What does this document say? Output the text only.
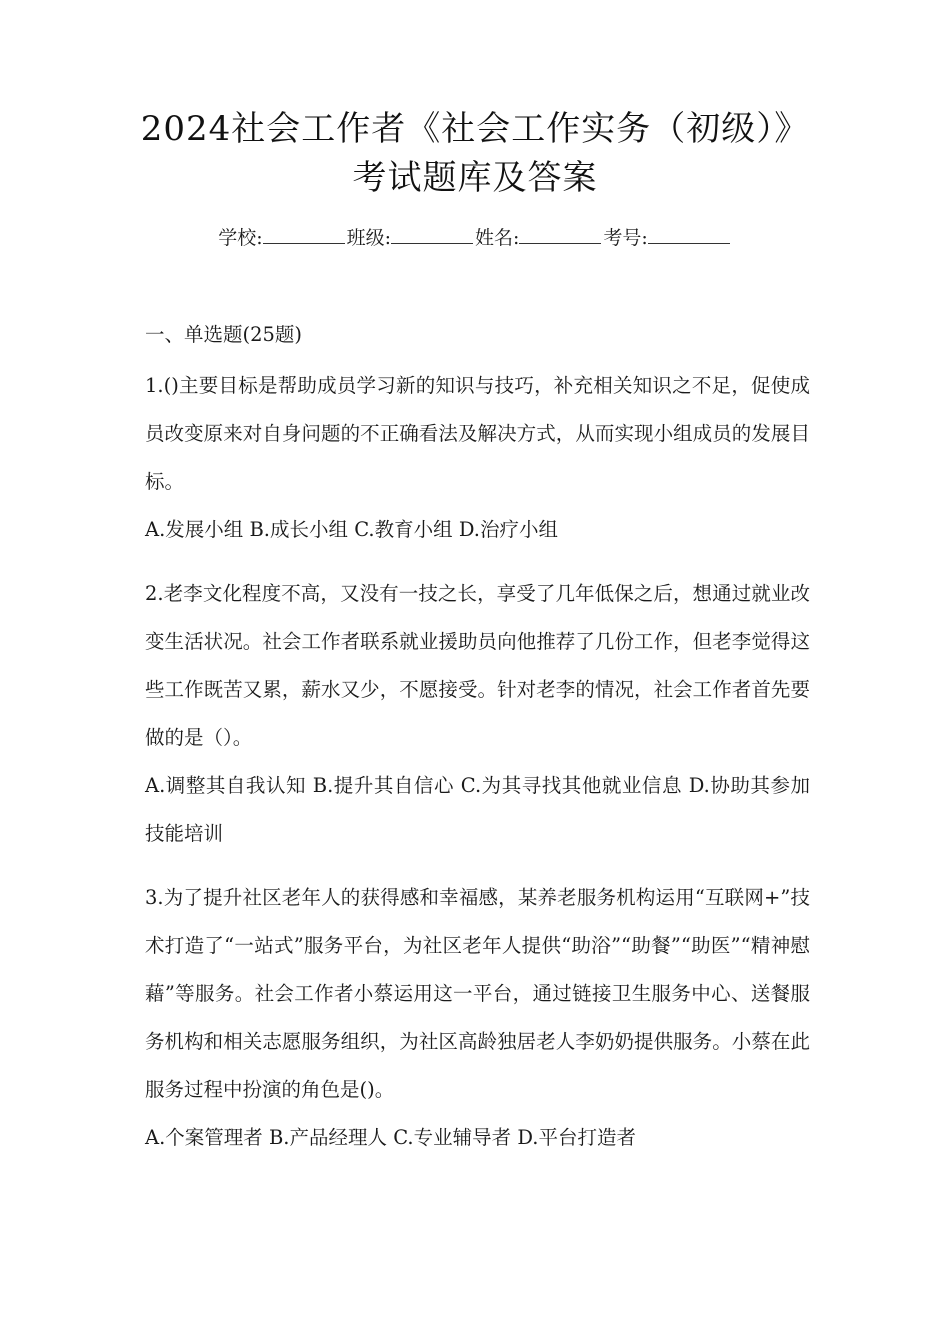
2024社会工作者《社会工作实务（初级）》
考试题库及答案
学校:	班级:	姓名:	考号:
一、单选题(25题)

1.()主要目标是帮助成员学习新的知识与技巧，补充相关知识之不足，促使成员改变原来对自身问题的不正确看法及解决方式，从而实现小组成员的发展目标。

A.发展小组 B.成长小组 C.教育小组 D.治疗小组

2.老李文化程度不高，又没有一技之长，享受了几年低保之后，想通过就业改变生活状况。社会工作者联系就业援助员向他推荐了几份工作，但老李觉得这些工作既苦又累，薪水又少，不愿接受。针对老李的情况，社会工作者首先要做的是（）。

A.调整其自我认知 B.提升其自信心 C.为其寻找其他就业信息 D.协助其参加技能培训

3.为了提升社区老年人的获得感和幸福感，某养老服务机构运用“互联网+”技术打造了“一站式”服务平台，为社区老年人提供“助浴”“助餐”“助医”“精神慰藉”等服务。社会工作者小蔡运用这一平台，通过链接卫生服务中心、送餐服务机构和相关志愿服务组织，为社区高龄独居老人李奶奶提供服务。小蔡在此服务过程中扮演的角色是()。

A.个案管理者 B.产品经理人 C.专业辅导者 D.平台打造者
